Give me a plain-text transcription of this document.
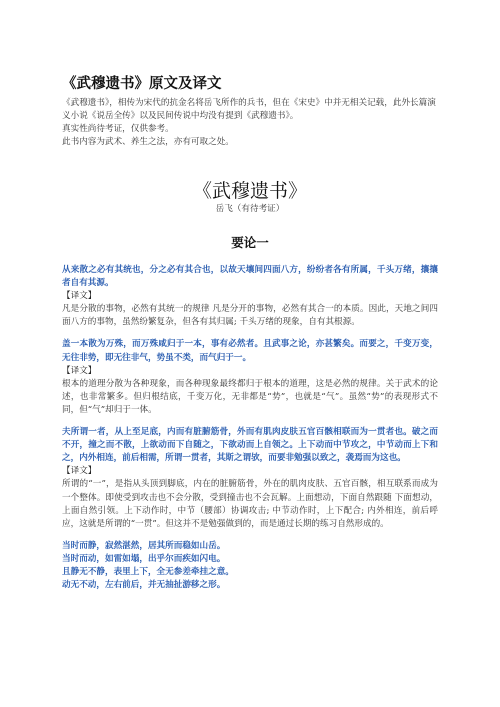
《武穆遗书》原文及译文

《武穆遗书》，相传为宋代的抗金名将岳飞所作的兵书，但在《宋史》中并无相关记载，此外长篇演义小说《说岳全传》以及民间传说中均没有提到《武穆遗书》。

真实性尚待考证，仅供参考。

此书内容为武术、养生之法，亦有可取之处。

《武穆遗书》
岳飞（有待考证）
要论一

从来散之必有其统也，分之必有其合也，以故天壤间四面八方，纷纷者各有所属，千头万绪，攘攘者自有其源。

【译文】

凡是分散的事物，必然有其统一的规律 凡是分开的事物，必然有其合一的本质。因此，天地之间四面八方的事物，虽然纷繁复杂，但各有其归属; 千头万绪的现象，自有其根源。

盖一本散为万殊，而万殊咸归于一本，事有必然者。且武事之论，亦甚繁矣。而要之，千变万变，无往非势，即无往非气，势虽不类，而气归于一。

【译文】

根本的道理分散为各种现象，而各种现象最终都归于根本的道理，这是必然的规律。关于武术的论述，也非常繁多。但归根结底，千变万化，无非都是“势”，也就是“气”。虽然“势”的表现形式不同，但“气”却归于一体。

夫所谓一者，从上至足底，内而有脏腑筋骨，外而有肌肉皮肤五官百骸相联而为一贯者也。破之而不开，撞之而不散，上欲动而下自随之，下欲动而上自领之。上下动而中节攻之，中节动而上下和之，内外相连，前后相需，所谓一贯者，其斯之谓欤，而要非勉强以致之，袭焉而为这也。

【译文】

所谓的“一”，是指从头顶到脚底，内在的脏腑筋骨，外在的肌肉皮肤、五官百骸，相互联系而成为一个整体。即使受到攻击也不会分散，受到撞击也不会瓦解。上面想动，下面自然跟随 下面想动，上面自然引领。上下动作时，中节（腰部）协调攻击; 中节动作时，上下配合; 内外相连，前后呼应，这就是所谓的“一贯”。但这并不是勉强做到的，而是通过长期的练习自然形成的。

当时而静，寂然湛然，居其所而稳如山岳。

当时而动，如雷如塌，出乎尔而疾如闪电。

且静无不静，表里上下，全无参差牵挂之意。

动无不动，左右前后，并无抽扯游移之形。
